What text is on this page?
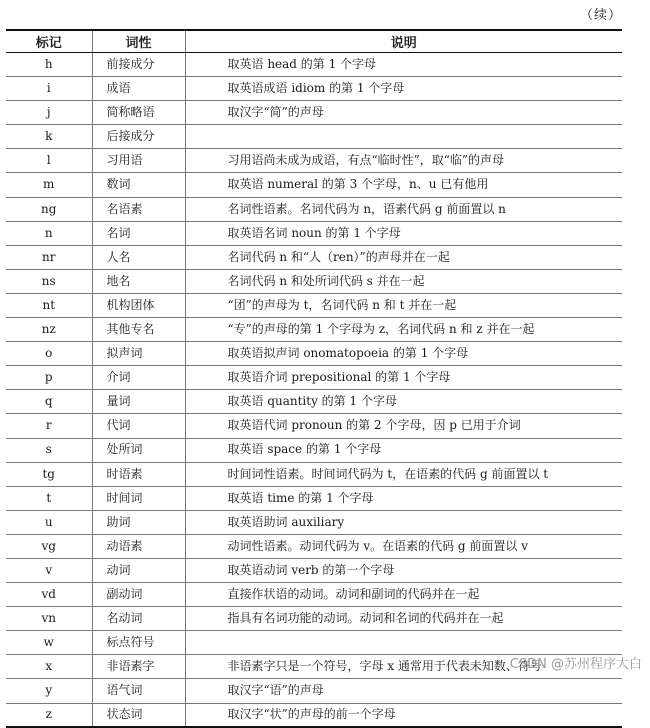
（续）
标记	词性	说明
h	前接成分	取英语 head 的第 1 个字母
i	成语	取英语成语 idiom 的第 1 个字母
j	简称略语	取汉字“简”的声母
k	后接成分	
l	习用语	习用语尚未成为成语，有点“临时性”，取“临”的声母
m	数词	取英语 numeral 的第 3 个字母，n、u 已有他用
ng	名语素	名词性语素。名词代码为 n，语素代码 g 前面置以 n
n	名词	取英语名词 noun 的第 1 个字母
nr	人名	名词代码 n 和“人（ren）”的声母并在一起
ns	地名	名词代码 n 和处所词代码 s 并在一起
nt	机构团体	“团”的声母为 t，名词代码 n 和 t 并在一起
nz	其他专名	“专”的声母的第 1 个字母为 z，名词代码 n 和 z 并在一起
o	拟声词	取英语拟声词 onomatopoeia 的第 1 个字母
p	介词	取英语介词 prepositional 的第 1 个字母
q	量词	取英语 quantity 的第 1 个字母
r	代词	取英语代词 pronoun 的第 2 个字母，因 p 已用于介词
s	处所词	取英语 space 的第 1 个字母
tg	时语素	时间词性语素。时间词代码为 t，在语素的代码 g 前面置以 t
t	时间词	取英语 time 的第 1 个字母
u	助词	取英语助词 auxiliary
vg	动语素	动词性语素。动词代码为 v。在语素的代码 g 前面置以 v
v	动词	取英语动词 verb 的第一个字母
vd	副动词	直接作状语的动词。动词和副词的代码并在一起
vn	名动词	指具有名词功能的动词。动词和名词的代码并在一起
w	标点符号	
x	非语素字	非语素字只是一个符号，字母 x 通常用于代表未知数、符号
y	语气词	取汉字“语”的声母
z	状态词	取汉字“状”的声母的前一个字母
CSDN @苏州程序大白
